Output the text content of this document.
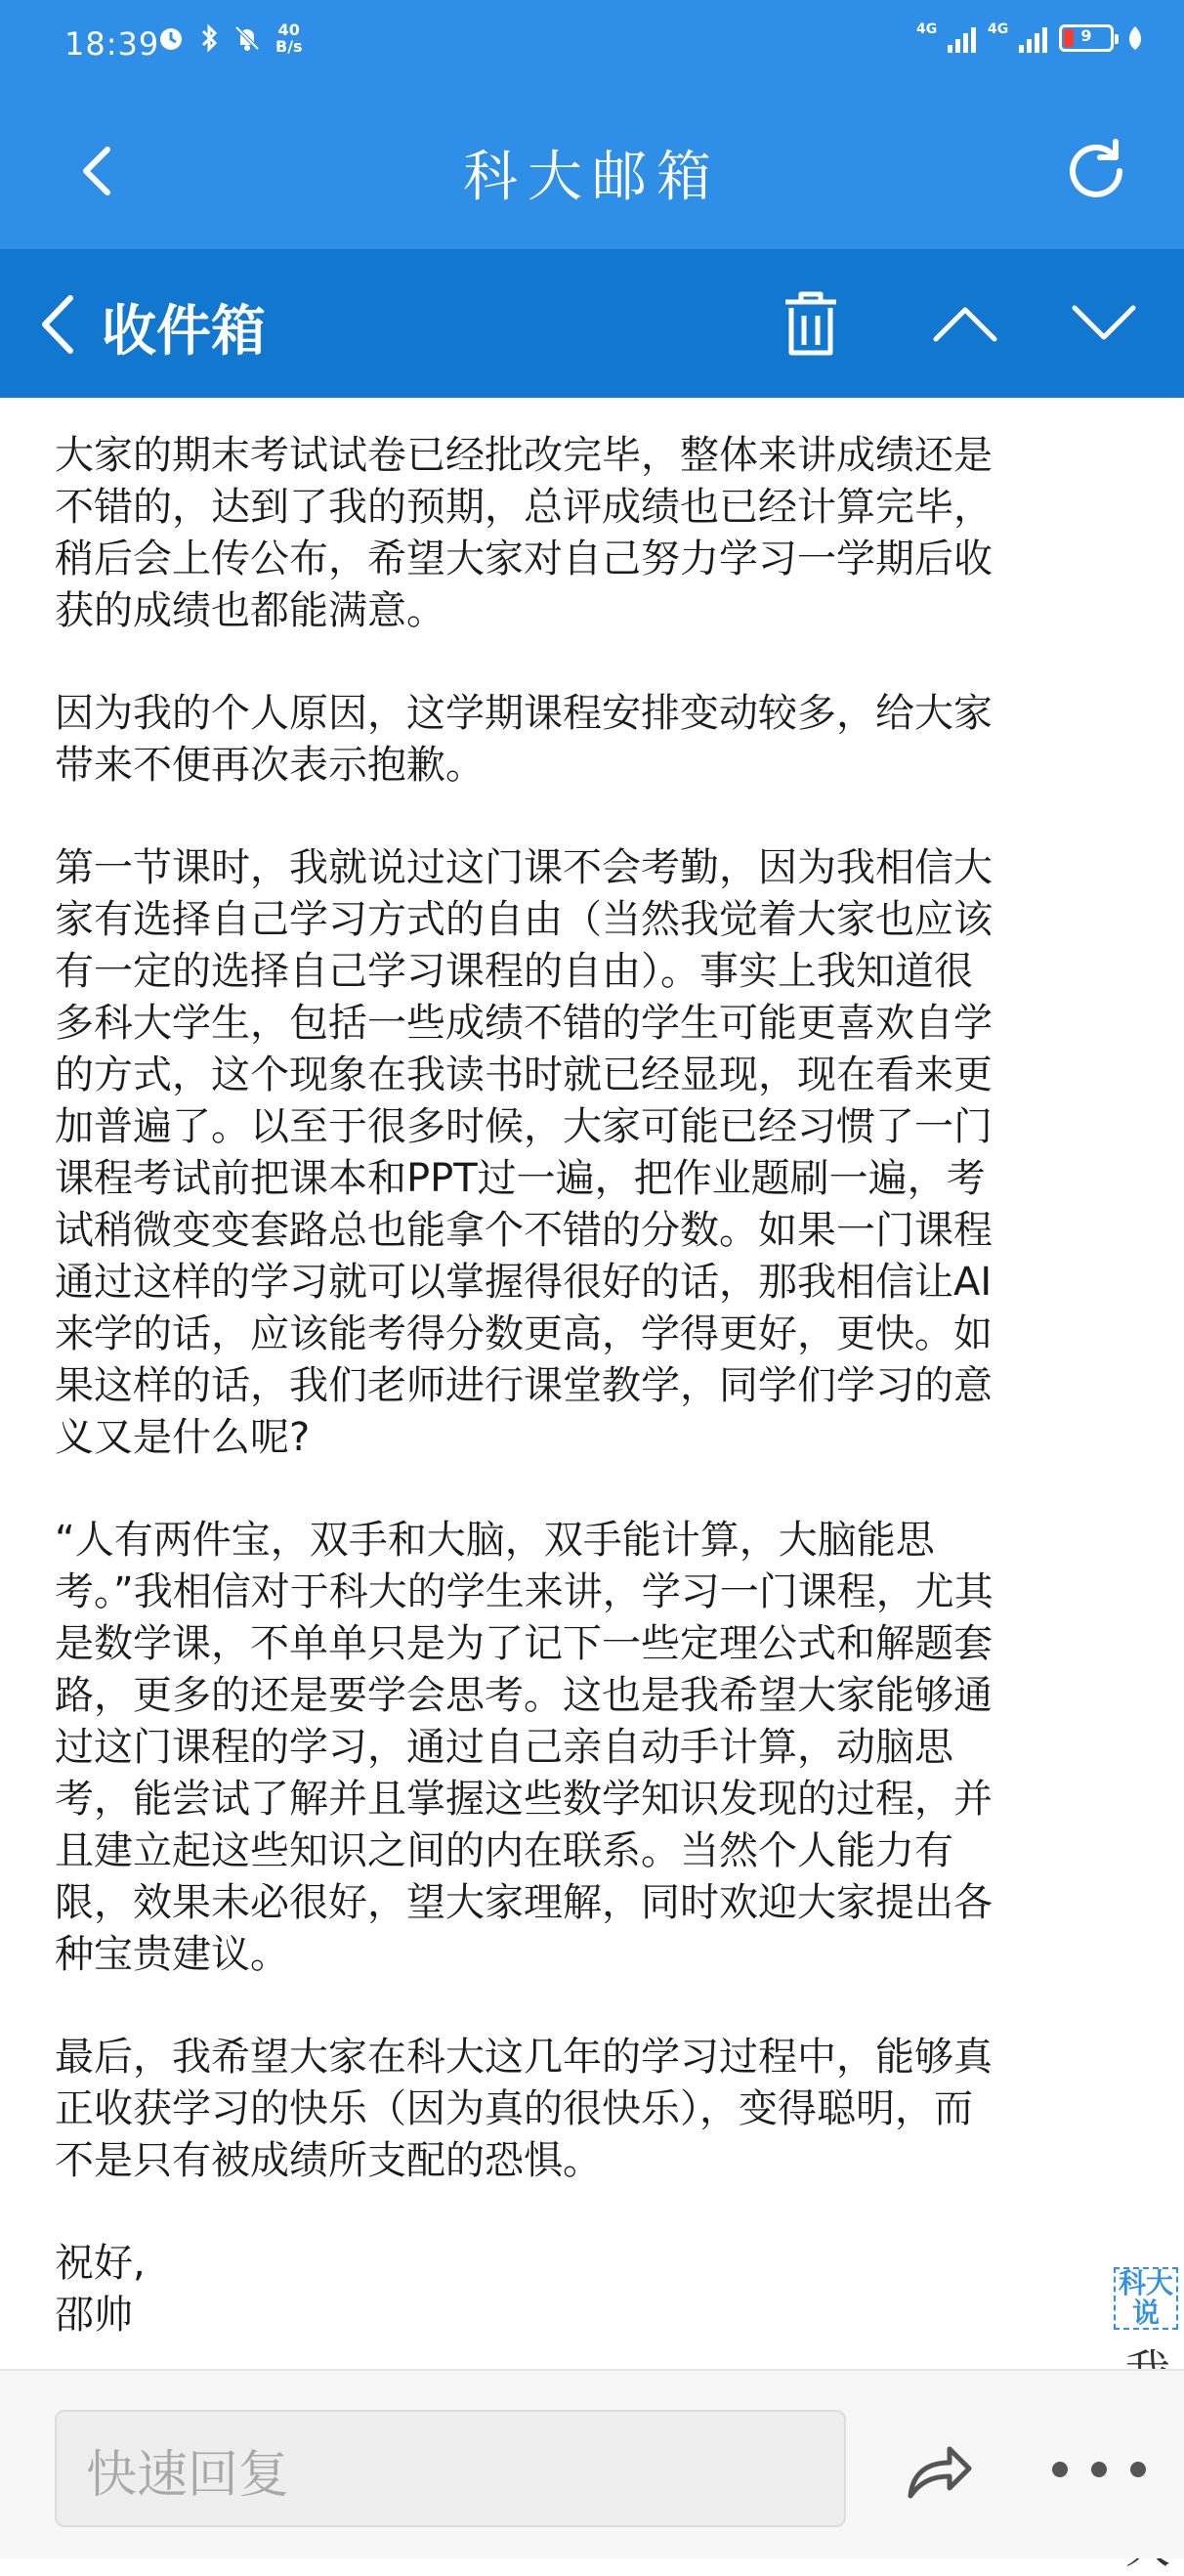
18:39	40
B/s
4G	4G	9
科大邮箱
收件箱

大家的期末考试试卷已经批改完毕，整体来讲成绩还是
不错的，达到了我的预期，总评成绩也已经计算完毕，
稍后会上传公布，希望大家对自己努力学习一学期后收
获的成绩也都能满意。

因为我的个人原因，这学期课程安排变动较多，给大家
带来不便再次表示抱歉。

第一节课时，我就说过这门课不会考勤，因为我相信大
家有选择自己学习方式的自由（当然我觉着大家也应该
有一定的选择自己学习课程的自由）。事实上我知道很
多科大学生，包括一些成绩不错的学生可能更喜欢自学
的方式，这个现象在我读书时就已经显现，现在看来更
加普遍了。以至于很多时候，大家可能已经习惯了一门
课程考试前把课本和PPT过一遍，把作业题刷一遍，考
试稍微变变套路总也能拿个不错的分数。如果一门课程
通过这样的学习就可以掌握得很好的话，那我相信让AI
来学的话，应该能考得分数更高，学得更好，更快。如
果这样的话，我们老师进行课堂教学，同学们学习的意
义又是什么呢?

“人有两件宝，双手和大脑，双手能计算，大脑能思
考。”我相信对于科大的学生来讲，学习一门课程，尤其
是数学课，不单单只是为了记下一些定理公式和解题套
路，更多的还是要学会思考。这也是我希望大家能够通
过这门课程的学习，通过自己亲自动手计算，动脑思
考，能尝试了解并且掌握这些数学知识发现的过程，并
且建立起这些知识之间的内在联系。当然个人能力有
限，效果未必很好，望大家理解，同时欢迎大家提出各
种宝贵建议。

最后，我希望大家在科大这几年的学习过程中，能够真
正收获学习的快乐（因为真的很快乐），变得聪明，而
不是只有被成绩所支配的恐惧。

祝好,

邵帅

科大
说

快速回复
